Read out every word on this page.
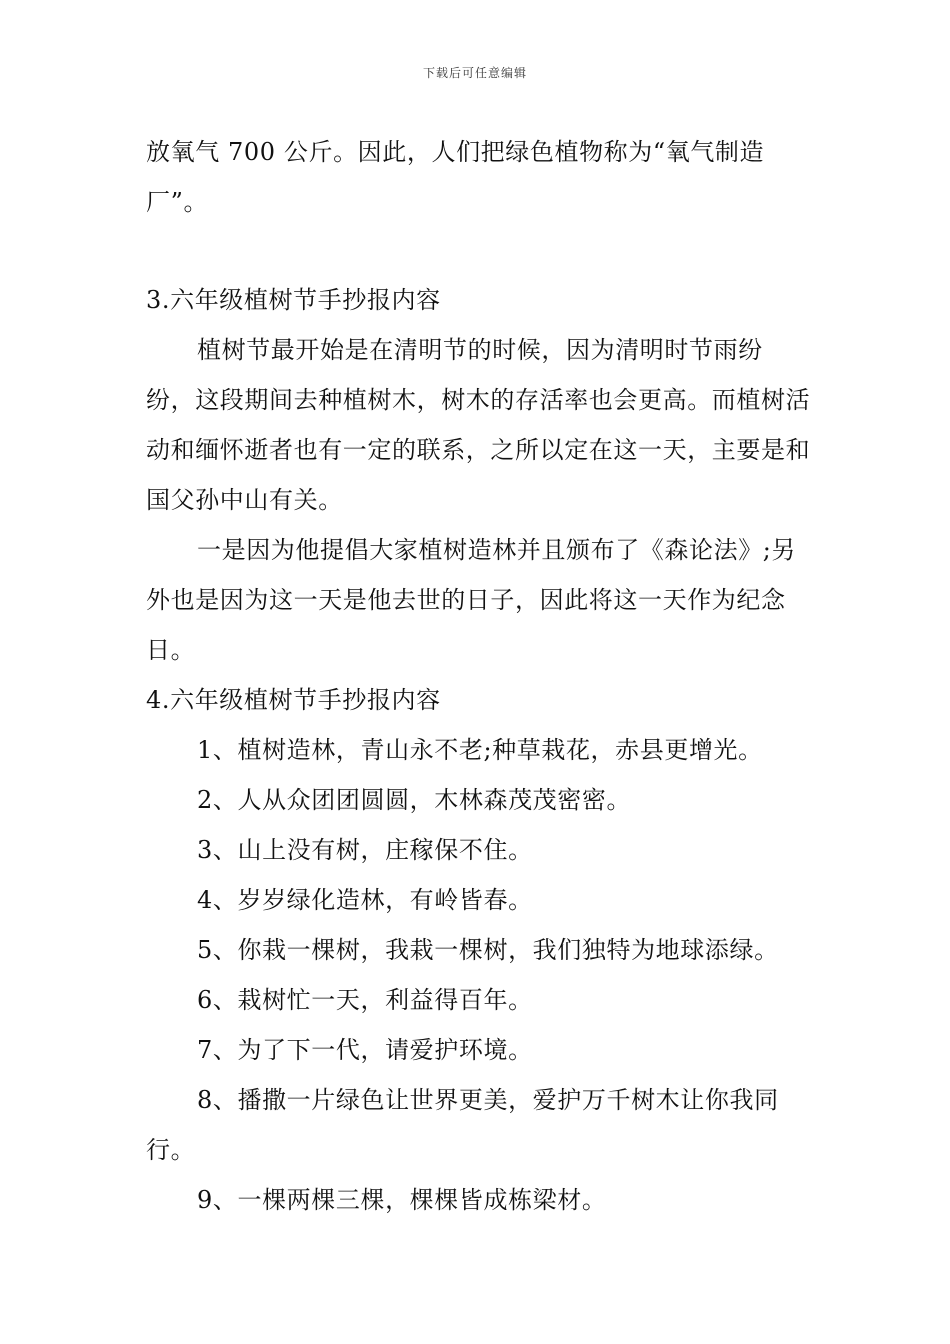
下载后可任意编辑

放氧气 700 公斤。因此，人们把绿色植物称为“氧气制造厂”。

3.六年级植树节手抄报内容

植树节最开始是在清明节的时候，因为清明时节雨纷纷，这段期间去种植树木，树木的存活率也会更高。而植树活动和缅怀逝者也有一定的联系，之所以定在这一天，主要是和国父孙中山有关。

一是因为他提倡大家植树造林并且颁布了《森论法》;另外也是因为这一天是他去世的日子，因此将这一天作为纪念日。

4.六年级植树节手抄报内容

1、植树造林，青山永不老;种草栽花，赤县更增光。

2、人从众团团圆圆，木林森茂茂密密。

3、山上没有树，庄稼保不住。

4、岁岁绿化造林，有岭皆春。

5、你栽一棵树，我栽一棵树，我们独特为地球添绿。

6、栽树忙一天，利益得百年。

7、为了下一代，请爱护环境。

8、播撒一片绿色让世界更美，爱护万千树木让你我同行。

9、一棵两棵三棵，棵棵皆成栋梁材。
